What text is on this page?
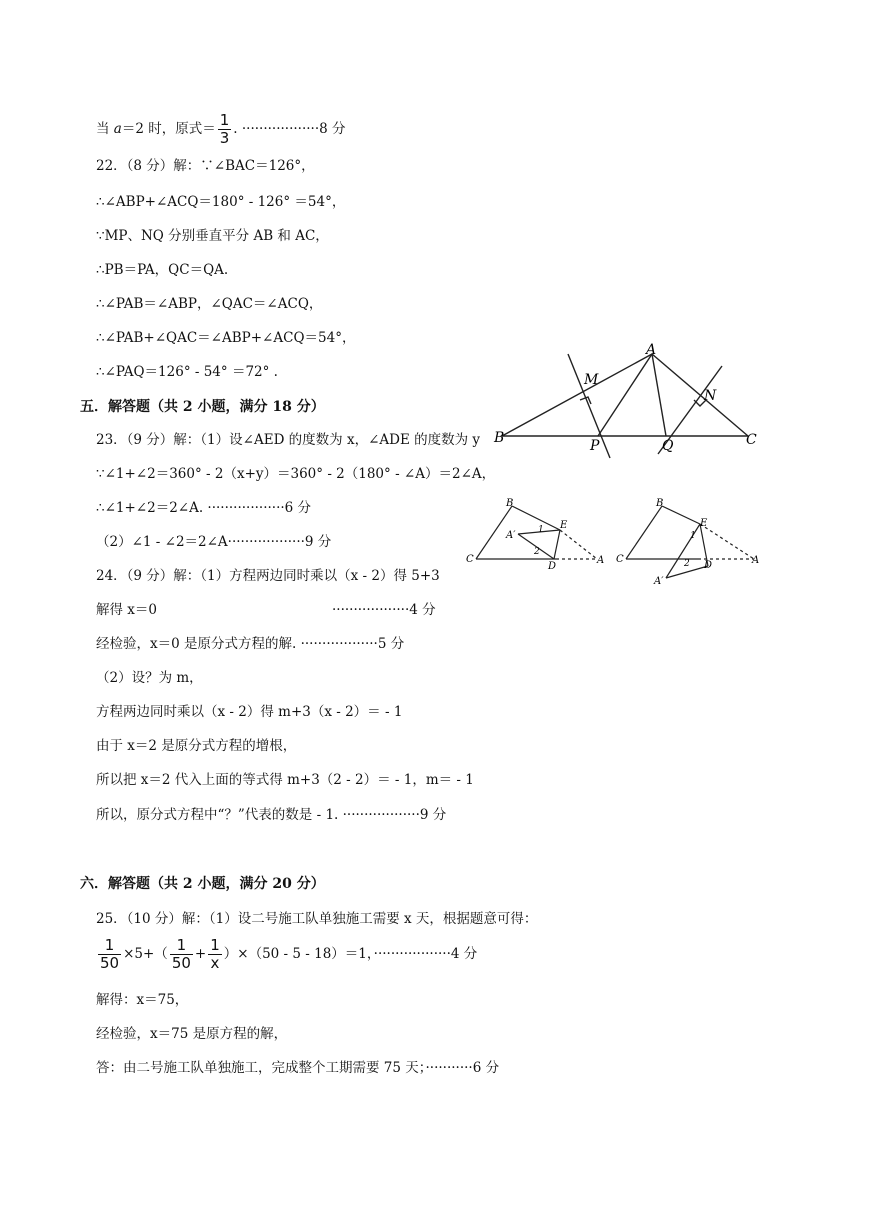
当 a＝2 时，原式＝ $\frac{1}{3}$ . ··················8 分
22．（8 分）解：∵∠BAC＝126°，
∴∠ABP+∠ACQ＝180° ‐ 126° ＝54°，
∵MP、NQ 分别垂直平分 AB 和 AC，
∴PB＝PA，QC＝QA.
∴∠PAB＝∠ABP，∠QAC＝∠ACQ，
∴∠PAB+∠QAC＝∠ABP+∠ACQ＝54°，
∴∠PAQ＝126° ‐ 54° ＝72° .
五．解答题（共 2 小题，满分 18 分）
23．（9 分）解：（1）设∠AED 的度数为 x，∠ADE 的度数为 y，
∵∠1+∠2＝360° ‐ 2（x+y）＝360° ‐ 2（180° ‐ ∠A）＝2∠A，
∴∠1+∠2＝2∠A. ··················6 分
（2）∠1 ‐ ∠2＝2∠A··················9 分
24．（9 分）解：（1）方程两边同时乘以（x ‐ 2）得 5+3
解得 x＝0	··················4 分
经检验，x＝0 是原分式方程的解. ··················5 分
（2）设？为 m，
方程两边同时乘以（x ‐ 2）得 m+3（x ‐ 2）＝ ‐ 1
由于 x＝2 是原分式方程的增根，
所以把 x＝2 代入上面的等式得 m+3（2 ‐ 2）＝ ‐ 1，m＝ ‐ 1
所以，原分式方程中“？”代表的数是 ‐ 1. ··················9 分
六．解答题（共 2 小题，满分 20 分）
25．（10 分）解：（1）设二号施工队单独施工需要 x 天，根据题意可得：
$\frac{1}{50} \times 5+( \frac{1}{50} + \frac{1}{x} )\times(50$ ‐ 5 ‐ 18）＝1，··················4 分
解得：x＝75，
经检验，x＝75 是原方程的解，
答：由二号施工队单独施工，完成整个工期需要 75 天；···········6 分
A
B	C
M
N
P	Q
B
C	A
E
D
A′	1
2
B
C	A
E
D
A′
1
2
